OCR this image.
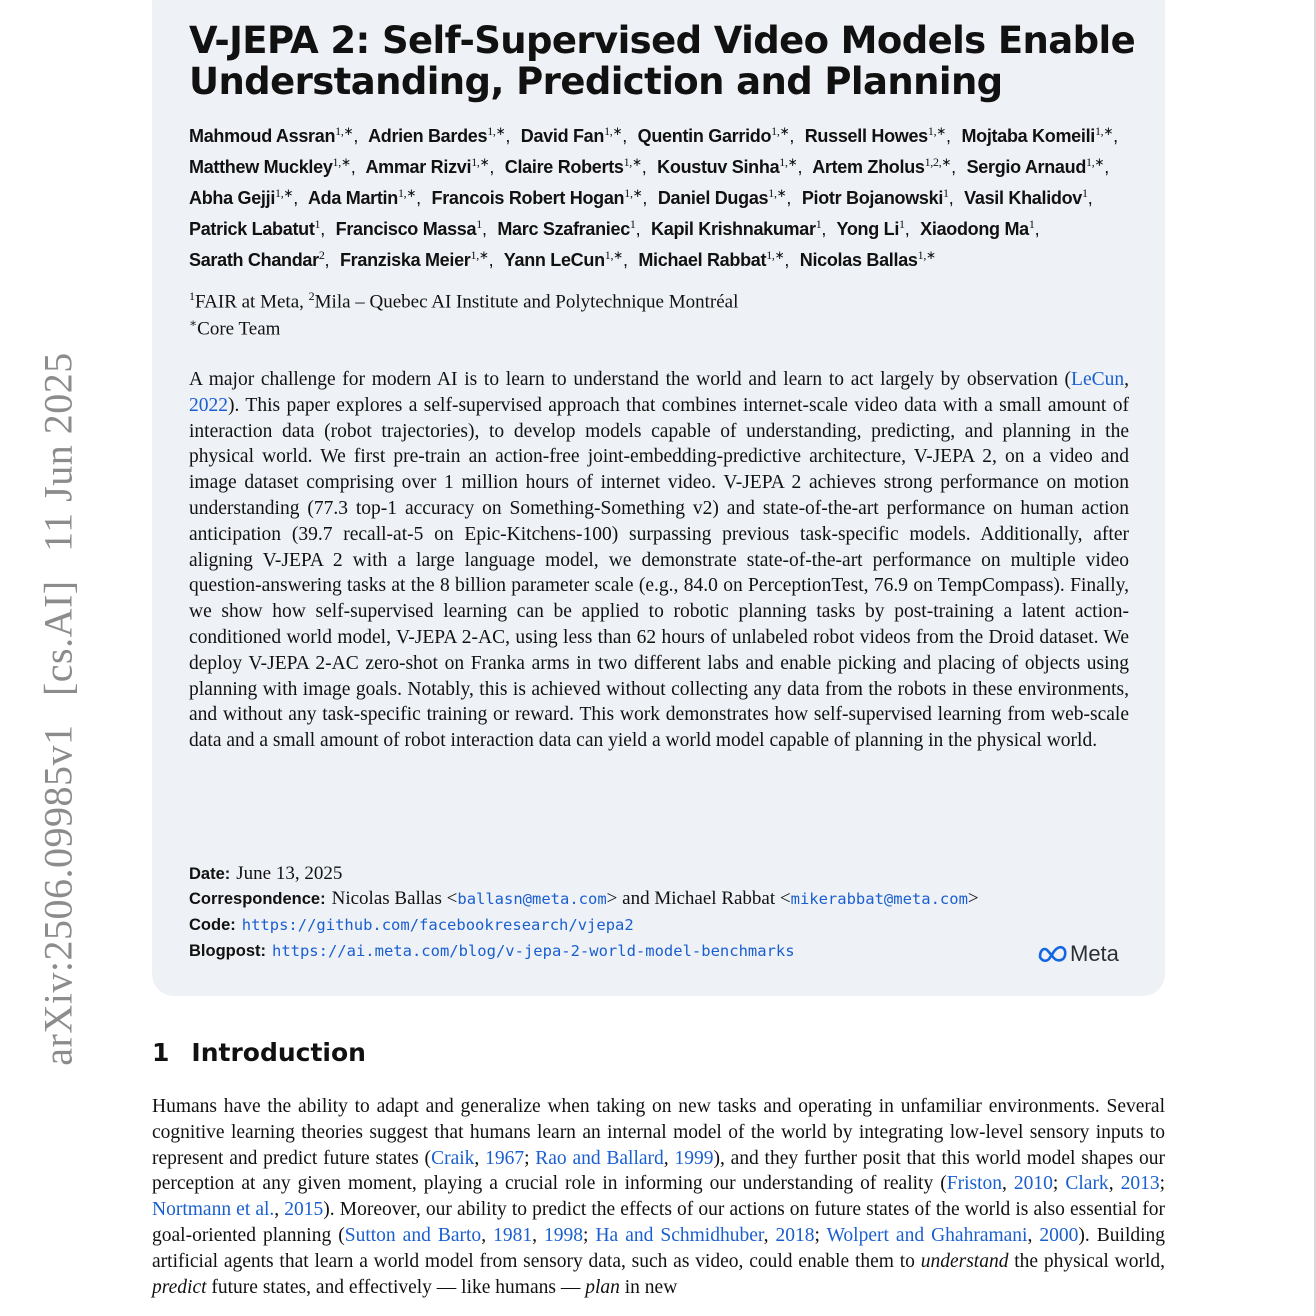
arXiv:2506.09985v1 [cs.AI] 11 Jun 2025
V-JEPA 2: Self-Supervised Video Models Enable
Understanding, Prediction and Planning
Mahmoud Assran$^{1,∗}$, Adrien Bardes$^{1,∗}$, David Fan$^{1,∗}$, Quentin Garrido$^{1,∗}$, Russell Howes$^{1,∗}$, Mojtaba Komeili$^{1,∗}$, Matthew Muckley$^{1,∗}$, Ammar Rizvi$^{1,∗}$, Claire Roberts$^{1,∗}$, Koustuv Sinha$^{1,∗}$, Artem Zholus$^{1,2,∗}$, Sergio Arnaud$^{1,∗}$, Abha Gejji$^{1,∗}$, Ada Martin$^{1,∗}$, Francois Robert Hogan$^{1,∗}$, Daniel Dugas$^{1,∗}$, Piotr Bojanowski$^1$, Vasil Khalidov$^1$, Patrick Labatut$^1$, Francisco Massa$^1$, Marc Szafraniec$^1$, Kapil Krishnakumar$^1$, Yong Li$^1$, Xiaodong Ma$^1$, Sarath Chandar$^2$, Franziska Meier$^{1,∗}$, Yann LeCun$^{1,∗}$, Michael Rabbat$^{1,∗}$, Nicolas Ballas$^{1,∗}$
$^1$FAIR at Meta, $^2$Mila – Quebec AI Institute and Polytechnique Montréal
∗Core Team

A major challenge for modern AI is to learn to understand the world and learn to act largely by observation (LeCun, 2022). This paper explores a self-supervised approach that combines internet-scale video data with a small amount of interaction data (robot trajectories), to develop models capable of understanding, predicting, and planning in the physical world. We first pre-train an action-free joint-embedding-predictive architecture, V-JEPA 2, on a video and image dataset comprising over 1 million hours of internet video. V-JEPA 2 achieves strong performance on motion understanding (77.3 top-1 accuracy on Something-Something v2) and state-of-the-art performance on human action anticipation (39.7 recall-at-5 on Epic-Kitchens-100) surpassing previous task-specific models. Additionally, after aligning V-JEPA 2 with a large language model, we demonstrate state-of-the-art performance on multiple video question-answering tasks at the 8 billion parameter scale (e.g., 84.0 on PerceptionTest, 76.9 on TempCompass). Finally, we show how self-supervised learning can be applied to robotic planning tasks by post-training a latent action-conditioned world model, V-JEPA 2-AC, using less than 62 hours of unlabeled robot videos from the Droid dataset. We deploy V-JEPA 2-AC zero-shot on Franka arms in two different labs and enable picking and placing of objects using planning with image goals. Notably, this is achieved without collecting any data from the robots in these environments, and without any task-specific training or reward. This work demonstrates how self-supervised learning from web-scale data and a small amount of robot interaction data can yield a world model capable of planning in the physical world.

Date: June 13, 2025
Correspondence: Nicolas Ballas <ballasn@meta.com> and Michael Rabbat <mikerabbat@meta.com>
Code: https://github.com/facebookresearch/vjepa2
Blogpost: https://ai.meta.com/blog/v-jepa-2-world-model-benchmarks	Meta
1 Introduction

Humans have the ability to adapt and generalize when taking on new tasks and operating in unfamiliar environments. Several cognitive learning theories suggest that humans learn an internal model of the world by integrating low-level sensory inputs to represent and predict future states (Craik, 1967; Rao and Ballard, 1999), and they further posit that this world model shapes our perception at any given moment, playing a crucial role in informing our understanding of reality (Friston, 2010; Clark, 2013; Nortmann et al., 2015). Moreover, our ability to predict the effects of our actions on future states of the world is also essential for goal-oriented planning (Sutton and Barto, 1981, 1998; Ha and Schmidhuber, 2018; Wolpert and Ghahramani, 2000). Building artificial agents that learn a world model from sensory data, such as video, could enable them to understand the physical world, predict future states, and effectively — like humans — plan in new
